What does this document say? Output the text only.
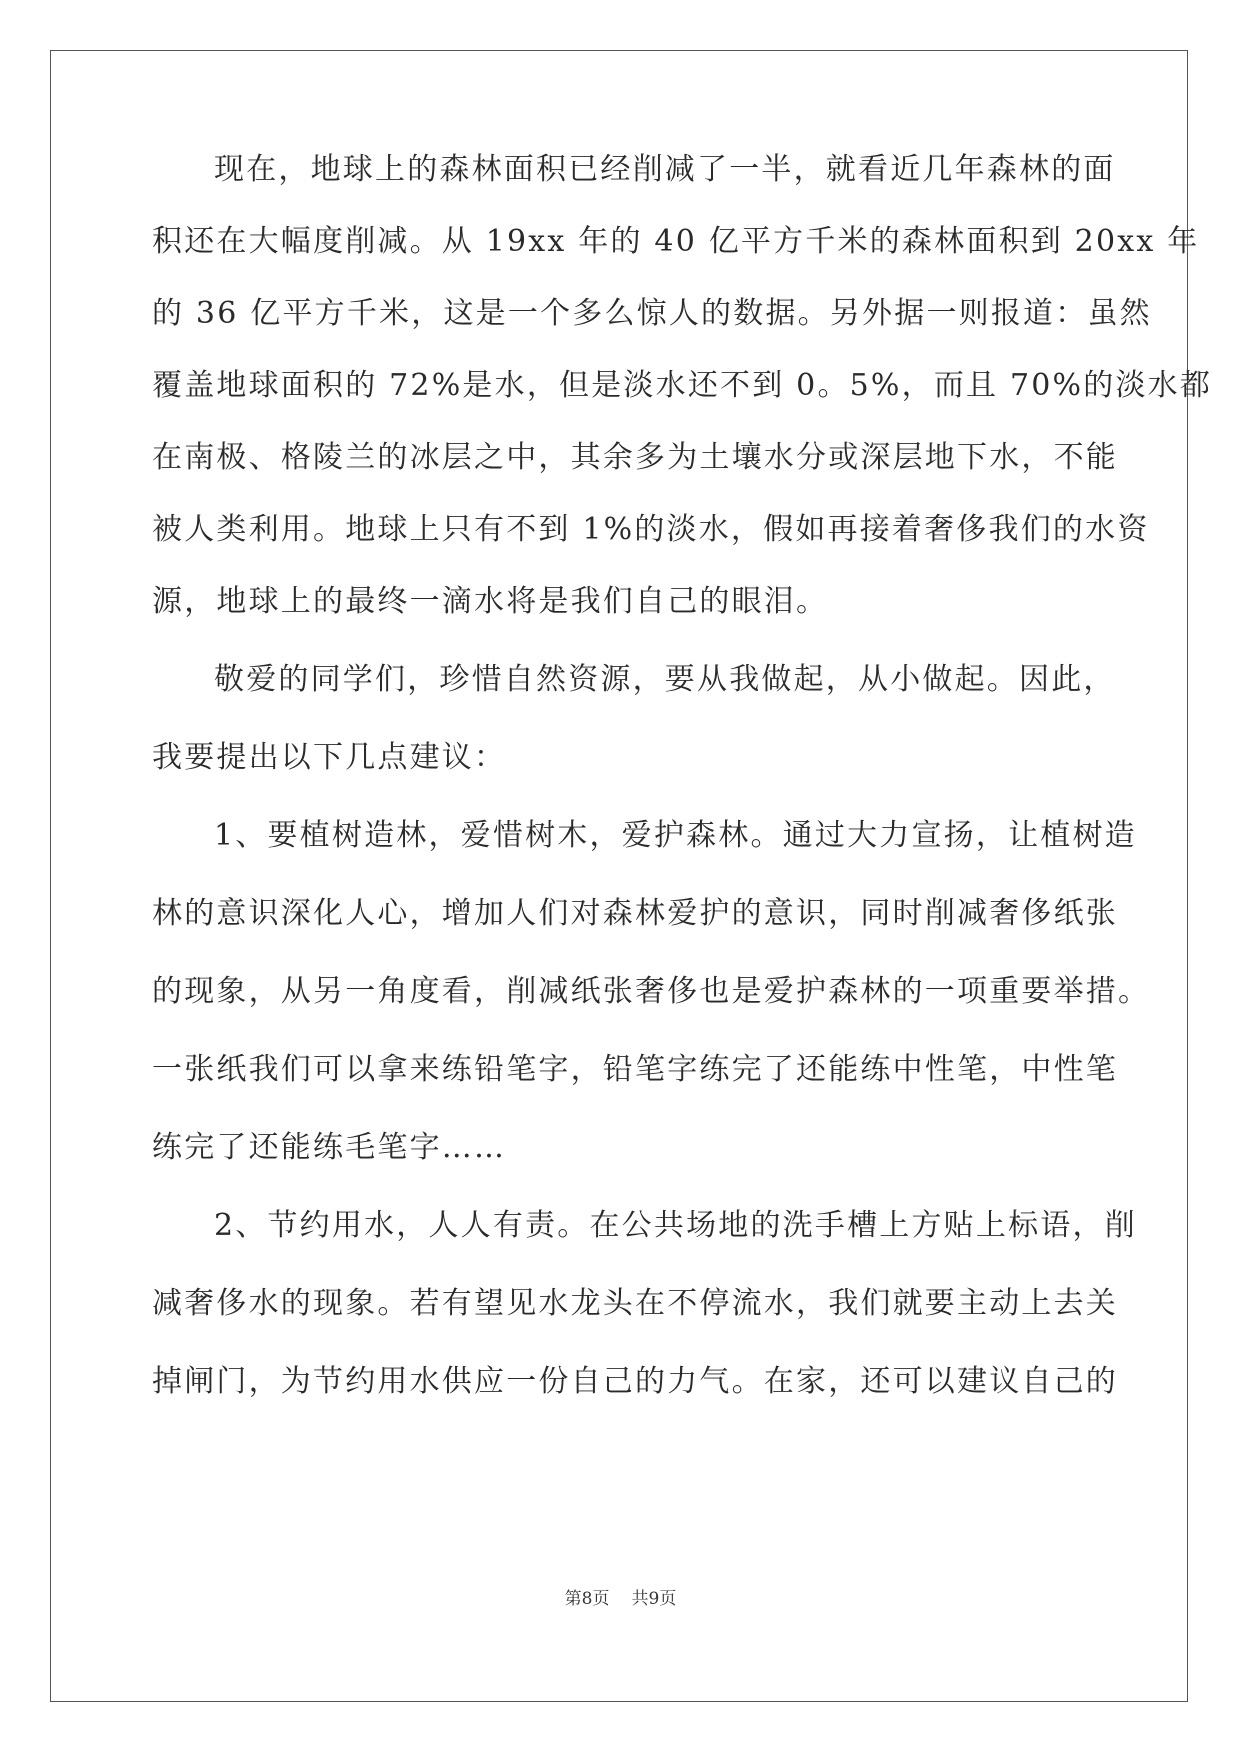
现在，地球上的森林面积已经削减了一半，就看近几年森林的面
积还在大幅度削减。从 19xx 年的 40 亿平方千米的森林面积到 20xx 年
的 36 亿平方千米，这是一个多么惊人的数据。另外据一则报道：虽然
覆盖地球面积的 72%是水，但是淡水还不到 0。5%，而且 70%的淡水都
在南极、格陵兰的冰层之中，其余多为土壤水分或深层地下水，不能
被人类利用。地球上只有不到 1%的淡水，假如再接着奢侈我们的水资
源，地球上的最终一滴水将是我们自己的眼泪。
敬爱的同学们，珍惜自然资源，要从我做起，从小做起。因此，
我要提出以下几点建议：
1、要植树造林，爱惜树木，爱护森林。通过大力宣扬，让植树造
林的意识深化人心，增加人们对森林爱护的意识，同时削减奢侈纸张
的现象，从另一角度看，削减纸张奢侈也是爱护森林的一项重要举措。
一张纸我们可以拿来练铅笔字，铅笔字练完了还能练中性笔，中性笔
练完了还能练毛笔字……
2、节约用水，人人有责。在公共场地的洗手槽上方贴上标语，削
减奢侈水的现象。若有望见水龙头在不停流水，我们就要主动上去关
掉闸门，为节约用水供应一份自己的力气。在家，还可以建议自己的
第8页 共9页
